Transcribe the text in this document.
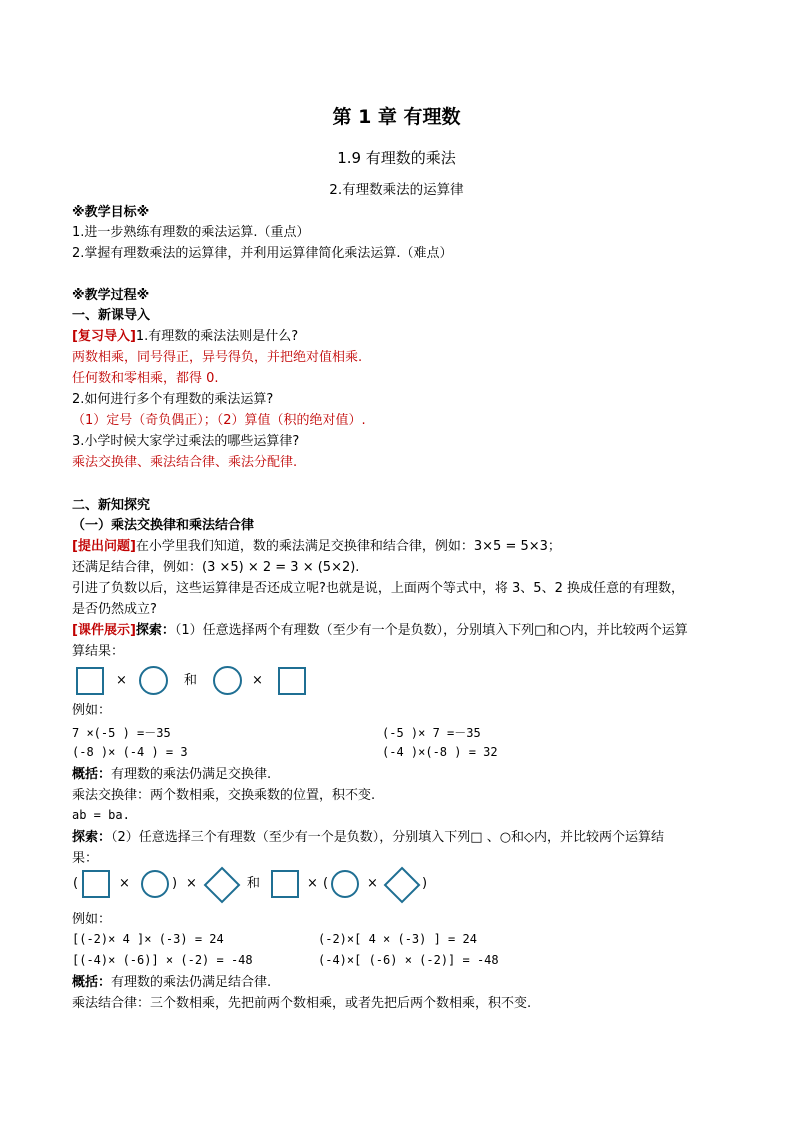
第 1 章 有理数
1.9 有理数的乘法
2.有理数乘法的运算律
※教学目标※
1.进一步熟练有理数的乘法运算.（重点）
2.掌握有理数乘法的运算律，并利用运算律简化乘法运算.（难点）
※教学过程※
一、新课导入
[复习导入]1.有理数的乘法法则是什么?
两数相乘，同号得正，异号得负，并把绝对值相乘.
任何数和零相乘，都得 0.
2.如何进行多个有理数的乘法运算?
（1）定号（奇负偶正）；（2）算值（积的绝对值）.
3.小学时候大家学过乘法的哪些运算律?
乘法交换律、乘法结合律、乘法分配律.
二、新知探究
（一）乘法交换律和乘法结合律
[提出问题]在小学里我们知道，数的乘法满足交换律和结合律，例如：3×5 = 5×3；
还满足结合律，例如：(3 ×5) × 2 = 3 × (5×2).
引进了负数以后，这些运算律是否还成立呢?也就是说，上面两个等式中，将 3、5、2 换成任意的有理数，
是否仍然成立?
[课件展示]探索：（1）任意选择两个有理数（至少有一个是负数），分别填入下列□和○内，并比较两个运算
算结果：
×	和	×
例如：
7 ×(-5 ) =－35	(-5 )× 7 =－35
(-8 )× (-4 ) = 3	(-4 )×(-8 ) = 32
概括：有理数的乘法仍满足交换律.
乘法交换律：两个数相乘，交换乘数的位置，积不变.
ab = ba.
探索：（2）任意选择三个有理数（至少有一个是负数），分别填入下列□ 、○和◇内，并比较两个运算结
果：
(	×	) ×	和	× (	×	)
例如：
[(-2)× 4 ]× (-3) = 24	(-2)×[ 4 × (-3) ] = 24
[(-4)× (-6)] × (-2) = -48	(-4)×[ (-6) × (-2)] = -48
概括：有理数的乘法仍满足结合律.
乘法结合律：三个数相乘，先把前两个数相乘，或者先把后两个数相乘，积不变.
